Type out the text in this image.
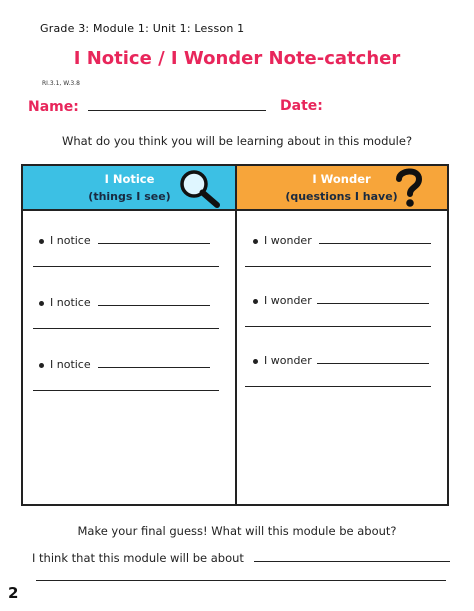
Grade 3: Module 1: Unit 1: Lesson 1
I Notice / I Wonder Note-catcher
RI.3.1, W.3.8
Name:	Date:
What do you think you will be learning about in this module?
I Notice
(things I see)
I Wonder
(questions I have)
I notice
I notice
I notice
I wonder
I wonder
I wonder
Make your final guess! What will this module be about?
I think that this module will be about
2
